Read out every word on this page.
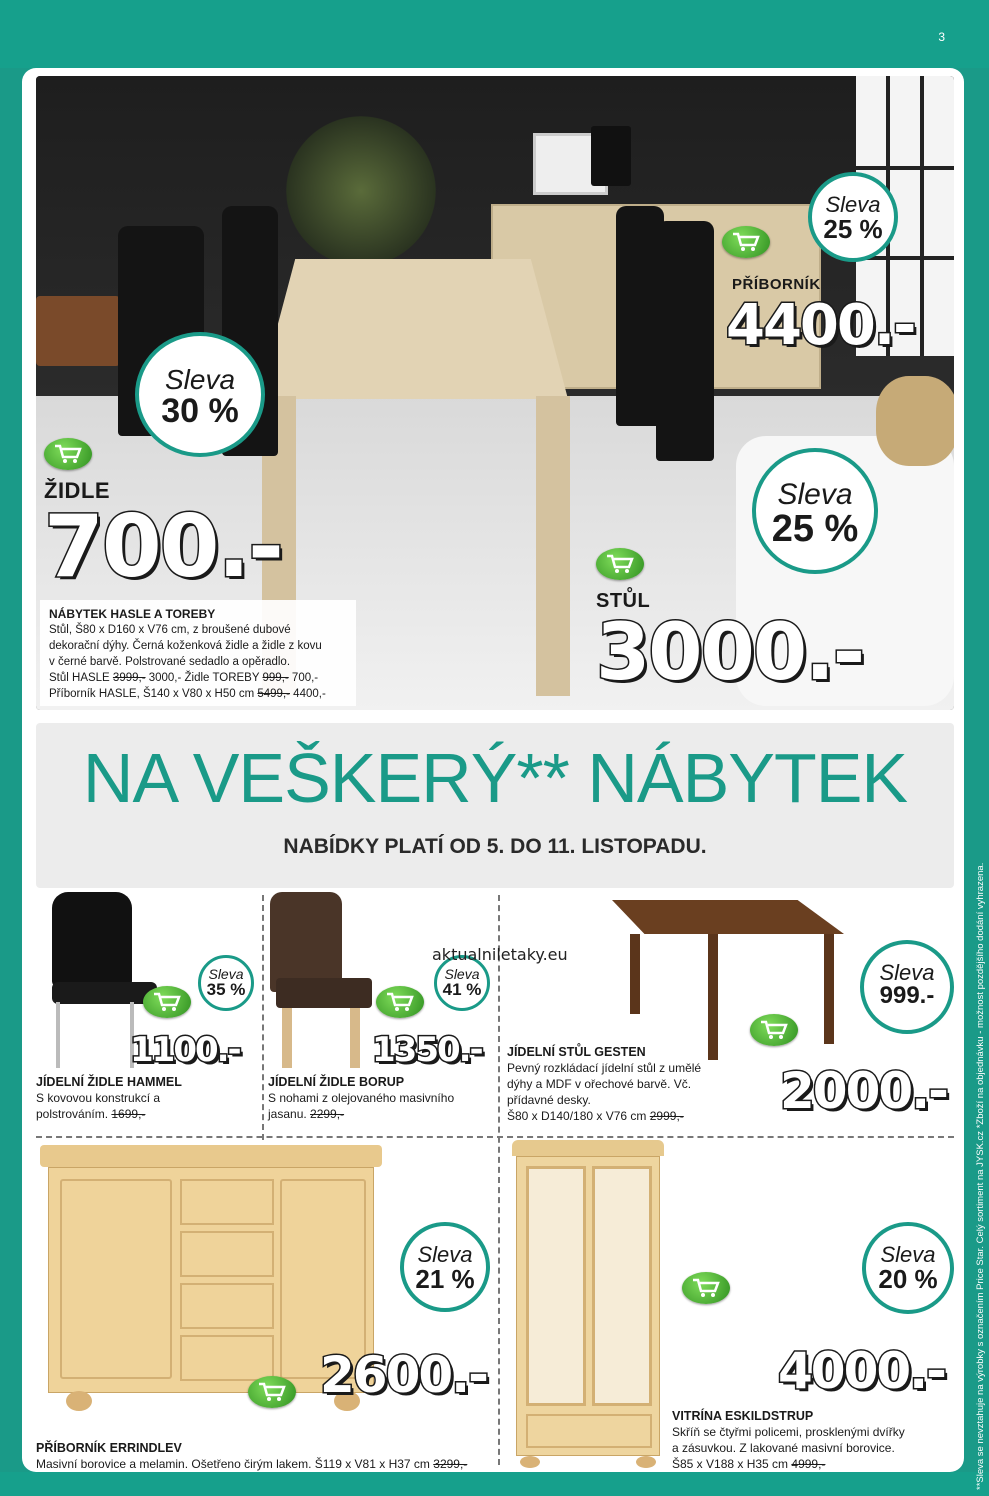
3
Sleva
30 %
ŽIDLE
700.-
Sleva
25 %
PŘÍBORNÍK
4400.-
Sleva
25 %
STŮL
3000.-
NÁBYTEK HASLE A TOREBY
Stůl, Š80 x D160 x V76 cm, z broušené dubové
dekorační dýhy. Černá koženková židle a židle z kovu
v černé barvě. Polstrované sedadlo a opěradlo.
Stůl HASLE 3999,- 3000,- Židle TOREBY 999,- 700,-
Příborník HASLE, Š140 x V80 x H50 cm 5499,- 4400,-
NA VEŠKERÝ** NÁBYTEK
NABÍDKY PLATÍ OD 5. DO 11. LISTOPADU.
Sleva
35 %
1100.-
JÍDELNÍ ŽIDLE HAMMEL
S kovovou konstrukcí a
polstrováním. 1699,-
Sleva
41 %
1350.-
JÍDELNÍ ŽIDLE BORUP
S nohami z olejovaného masivního
jasanu. 2299,-
aktualniletaky.eu
Sleva
999.-
2000.-
JÍDELNÍ STŮL GESTEN
Pevný rozkládací jídelní stůl z umělé
dýhy a MDF v ořechové barvě. Vč.
přídavné desky.
Š80 x D140/180 x V76 cm 2999,-
Sleva
21 %
2600.-
PŘÍBORNÍK ERRINDLEV
Masivní borovice a melamin. Ošetřeno čirým lakem. Š119 x V81 x H37 cm 3299,-
Sleva
20 %
4000.-
VITRÍNA ESKILDSTRUP
Skříň se čtyřmi policemi, prosklenými dvířky
a zásuvkou. Z lakované masivní borovice.
Š85 x V188 x H35 cm 4999,-	**Sleva se nevztahuje na výrobky s označením Price Star. Celý sortiment na JYSK.cz *Zboží na objednávku - možnost pozdějšího dodání vyhrazena.
